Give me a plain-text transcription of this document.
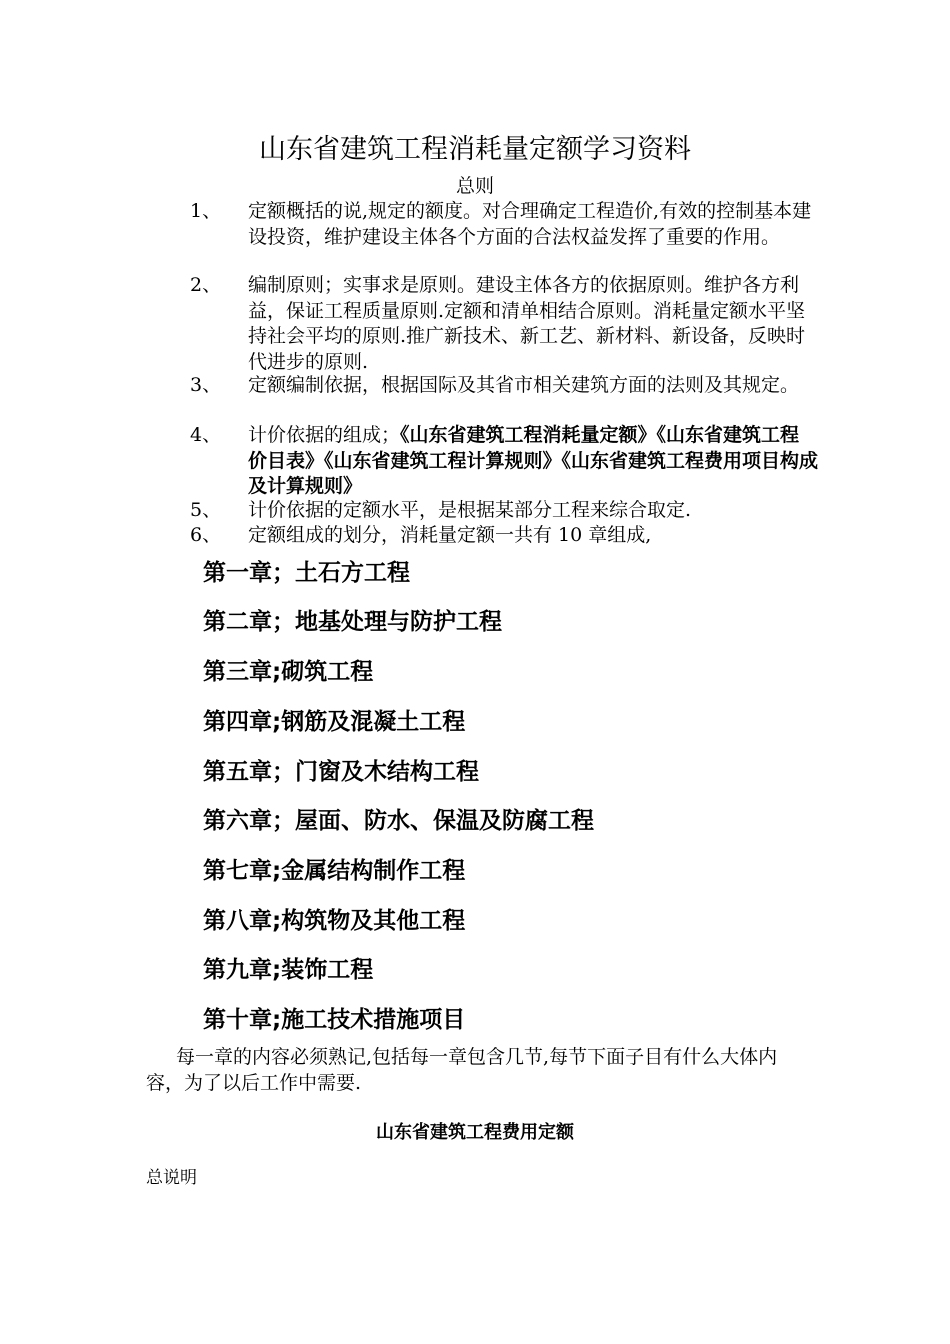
山东省建筑工程消耗量定额学习资料
总则
1、	定额概括的说,规定的额度。对合理确定工程造价,有效的控制基本建设投资，维护建设主体各个方面的合法权益发挥了重要的作用。
2、	编制原则；实事求是原则。建设主体各方的依据原则。维护各方利益，保证工程质量原则.定额和清单相结合原则。消耗量定额水平坚持社会平均的原则.推广新技术、新工艺、新材料、新设备，反映时代进步的原则.
3、	定额编制依据，根据国际及其省市相关建筑方面的法则及其规定。
4、	计价依据的组成；《山东省建筑工程消耗量定额》《山东省建筑工程价目表》《山东省建筑工程计算规则》《山东省建筑工程费用项目构成及计算规则》
5、	计价依据的定额水平，是根据某部分工程来综合取定.
6、	定额组成的划分，消耗量定额一共有 10 章组成,
第一章；土石方工程
第二章；地基处理与防护工程
第三章;砌筑工程
第四章;钢筋及混凝土工程
第五章；门窗及木结构工程
第六章；屋面、防水、保温及防腐工程
第七章;金属结构制作工程
第八章;构筑物及其他工程
第九章;装饰工程
第十章;施工技术措施项目
每一章的内容必须熟记,包括每一章包含几节,每节下面子目有什么大体内容，为了以后工作中需要.
山东省建筑工程费用定额
总说明
